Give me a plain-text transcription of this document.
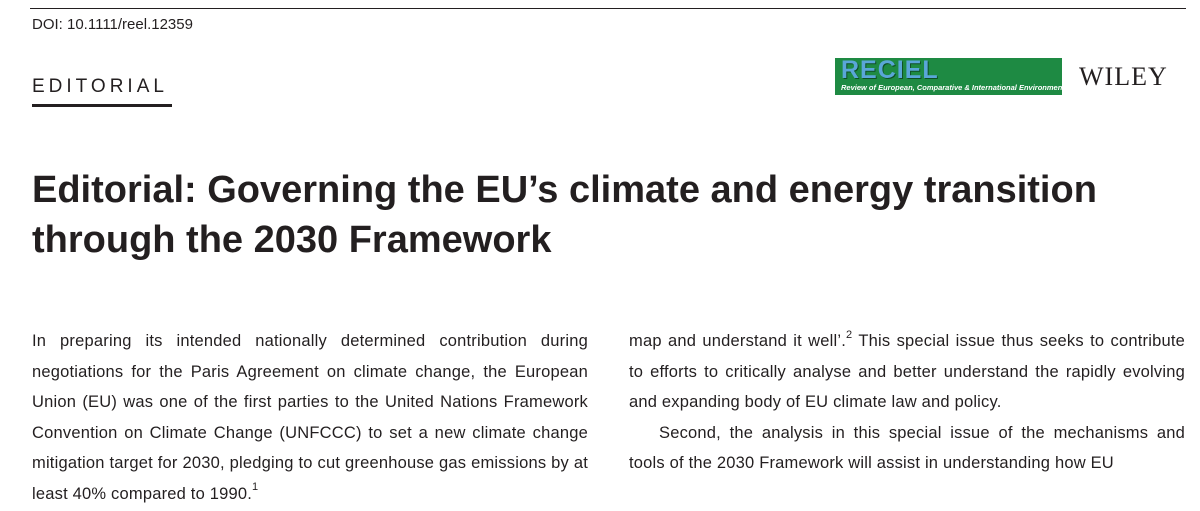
DOI: 10.1111/reel.12359
EDITORIAL
RECIEL
Review of European, Comparative & International Environmental Law
WILEY
Editorial: Governing the EU’s climate and energy transition
through the 2030 Framework

In preparing its intended nationally determined contribution during negotiations for the Paris Agreement on climate change, the European Union (EU) was one of the first parties to the United Nations Framework Convention on Climate Change (UNFCCC) to set a new climate change mitigation target for 2030, pledging to cut greenhouse gas emissions by at least 40% compared to 1990.$^1$

map and understand it well’.$^2$ This special issue thus seeks to contribute to efforts to critically analyse and better understand the rapidly evolving and expanding body of EU climate law and policy.

Second, the analysis in this special issue of the mechanisms and tools of the 2030 Framework will assist in understanding how EU
